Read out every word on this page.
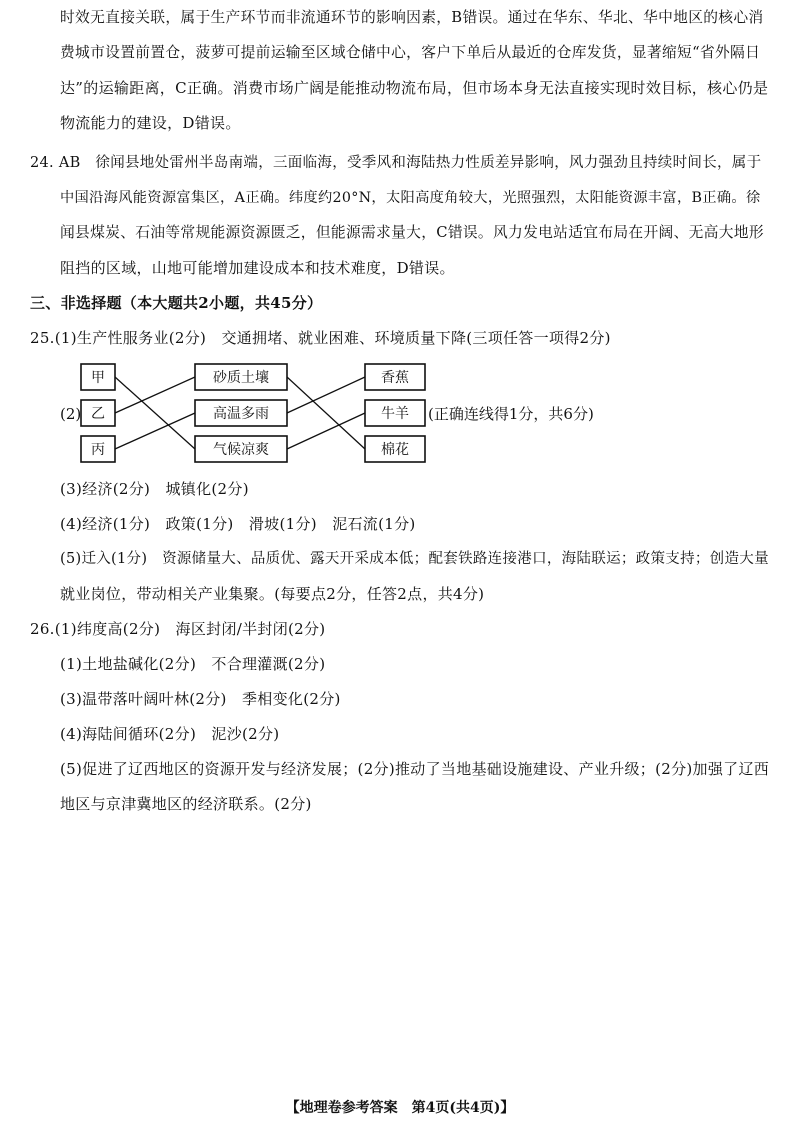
时效无直接关联，属于生产环节而非流通环节的影响因素，B错误。通过在华东、华北、华中地区的核心消
费城市设置前置仓，菠萝可提前运输至区域仓储中心，客户下单后从最近的仓库发货，显著缩短“省外隔日
达”的运输距离，C正确。消费市场广阔是能推动物流布局，但市场本身无法直接实现时效目标，核心仍是
物流能力的建设，D错误。
24. AB　徐闻县地处雷州半岛南端，三面临海，受季风和海陆热力性质差异影响，风力强劲且持续时间长，属于
中国沿海风能资源富集区，A正确。纬度约20°N，太阳高度角较大，光照强烈，太阳能资源丰富，B正确。徐
闻县煤炭、石油等常规能源资源匮乏，但能源需求量大，C错误。风力发电站适宜布局在开阔、无高大地形
阻挡的区域，山地可能增加建设成本和技术难度，D错误。
三、非选择题（本大题共2小题，共45分）
25.(1)生产性服务业(2分)　交通拥堵、就业困难、环境质量下降(三项任答一项得2分)
(2)
甲
乙
丙
砂质土壤
高温多雨
气候凉爽
香蕉
牛羊
棉花
(正确连线得1分，共6分)
(3)经济(2分)　城镇化(2分)
(4)经济(1分)　政策(1分)　滑坡(1分)　泥石流(1分)
(5)迁入(1分)　资源储量大、品质优、露天开采成本低；配套铁路连接港口，海陆联运；政策支持；创造大量
就业岗位，带动相关产业集聚。(每要点2分，任答2点，共4分)
26.(1)纬度高(2分)　海区封闭/半封闭(2分)
(1)土地盐碱化(2分)　不合理灌溉(2分)
(3)温带落叶阔叶林(2分)　季相变化(2分)
(4)海陆间循环(2分)　泥沙(2分)
(5)促进了辽西地区的资源开发与经济发展；(2分)推动了当地基础设施建设、产业升级；(2分)加强了辽西
地区与京津冀地区的经济联系。(2分)
【地理卷参考答案　第4页(共4页)】
